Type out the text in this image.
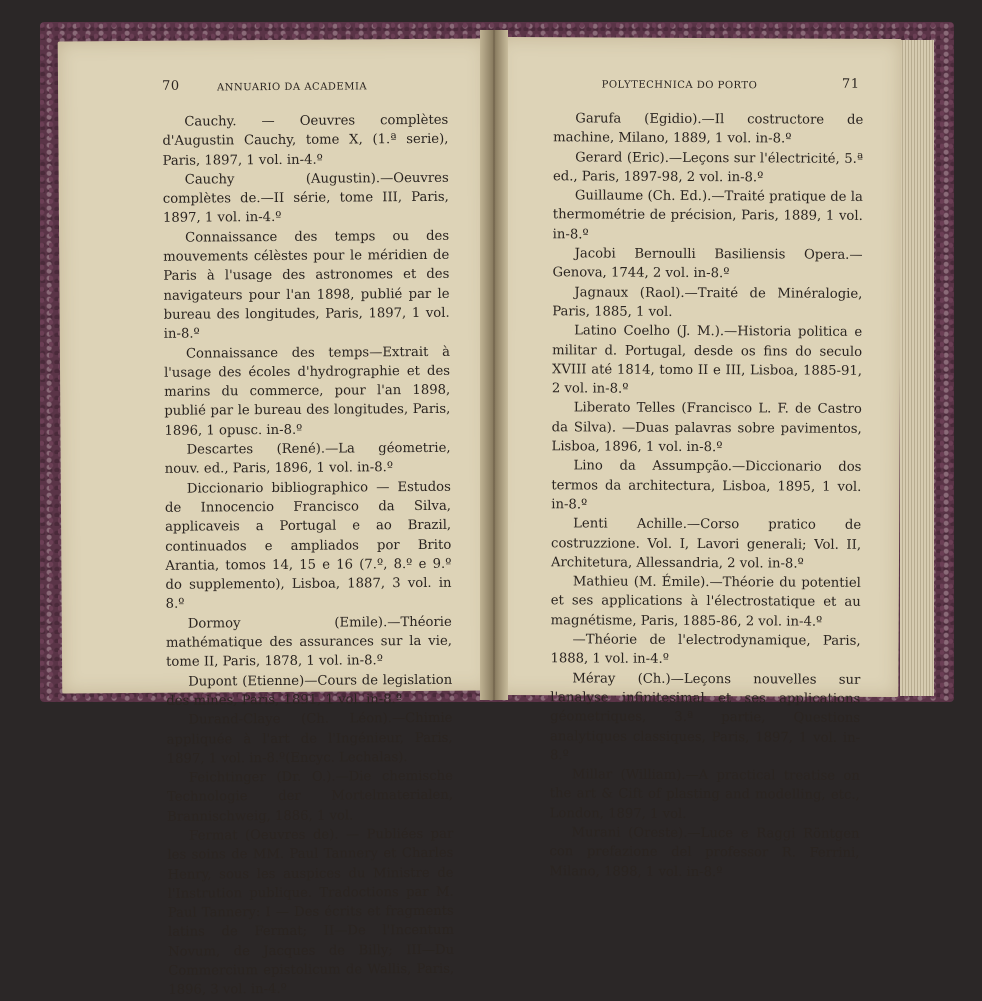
70	ANNUARIO DA ACADEMIA

Cauchy. — Oeuvres complètes d'Augustin Cauchy, tome X, (1.ª serie), Paris, 1897, 1 vol. in-4.º

Cauchy (Augustin).—Oeuvres complètes de.—II série, tome III, Paris, 1897, 1 vol. in-4.º

Connaissance des temps ou des mouvements célèstes pour le méridien de Paris à l'usage des astronomes et des navigateurs pour l'an 1898, publié par le bureau des longitudes, Paris, 1897, 1 vol. in-8.º

Connaissance des temps—Extrait à l'usage des écoles d'hydrographie et des marins du commerce, pour l'an 1898, publié par le bureau des longitudes, Paris, 1896, 1 opusc. in-8.º

Descartes (René).—La géometrie, nouv. ed., Paris, 1896, 1 vol. in-8.º

Diccionario bibliographico — Estudos de Innocencio Francisco da Silva, applicaveis a Portugal e ao Brazil, continuados e ampliados por Brito Arantia, tomos 14, 15 e 16 (7.º, 8.º e 9.º do supplemento), Lisboa, 1887, 3 vol. in 8.º

Dormoy (Emile).—Théorie mathématique des assurances sur la vie, tome II, Paris, 1878, 1 vol. in-8.º

Dupont (Etienne)—Cours de legislation des mines, Paris, 1891, 1 vol. in-8.º

Durand-Claye (Ch. Léon).—Chimie appliquée à l'art de l'Ingénieur, Paris, 1897, 1 vol. in-8.º(Encyc. Lechalas).

Feichtinger (Dr. O.).—Die chemische Technologie der Mortelmaterialen, Brannischweig, 1886, 1 vol.

Fermat (Oeuvres de). — Publiées par les soins de MM. Paul Tannery et Charles Henry, sous les auspices du Ministre de l'Instrution publique. Tradoctions par M. Paul Tannery: I — Des écrits et fragments latins de Fermat; II—De l'Incentum Novum, de Jacques de Billy; III—Du Commercium epistolicum de Wallis, Paris, 1896, 3 vol. in-4.º

POLYTECHNICA DO PORTO	71

Garufa (Egidio).—Il costructore de machine, Milano, 1889, 1 vol. in-8.º

Gerard (Eric).—Leçons sur l'électricité, 5.ª ed., Paris, 1897-98, 2 vol. in-8.º

Guillaume (Ch. Ed.).—Traité pratique de la thermométrie de précision, Paris, 1889, 1 vol. in-8.º

Jacobi Bernoulli Basiliensis Opera.—Genova, 1744, 2 vol. in-8.º

Jagnaux (Raol).—Traité de Minéralogie, Paris, 1885, 1 vol.

Latino Coelho (J. M.).—Historia politica e militar d. Portugal, desde os fins do seculo XVIII até 1814, tomo II e III, Lisboa, 1885-91, 2 vol. in-8.º

Liberato Telles (Francisco L. F. de Castro da Silva). —Duas palavras sobre pavimentos, Lisboa, 1896, 1 vol. in-8.º

Lino da Assumpção.—Diccionario dos termos da architectura, Lisboa, 1895, 1 vol. in-8.º

Lenti Achille.—Corso pratico de costruzzione. Vol. I, Lavori generali; Vol. II, Architetura, Allessandria, 2 vol. in-8.º

Mathieu (M. Émile).—Théorie du potentiel et ses applications à l'électrostatique et au magnétisme, Paris, 1885-86, 2 vol. in-4.º

—Théorie de l'electrodynamique, Paris, 1888, 1 vol. in-4.º

Méray (Ch.)—Leçons nouvelles sur l'analyse infinitesimal et ses applications géometriques, 3.ª partie, Questions analytiques classiques, Paris, 1897, 1 vol. in-8.º

Millar (William).—A practical treatise on the art & Cift of plasting and modelling, etc., London, 1897, 1 vol.

Murani (Oreste).—Luce e Raggi Röntgen con prefazione del professor R. Ferrini, Milano, 1898, 1 vol. in-8.º
